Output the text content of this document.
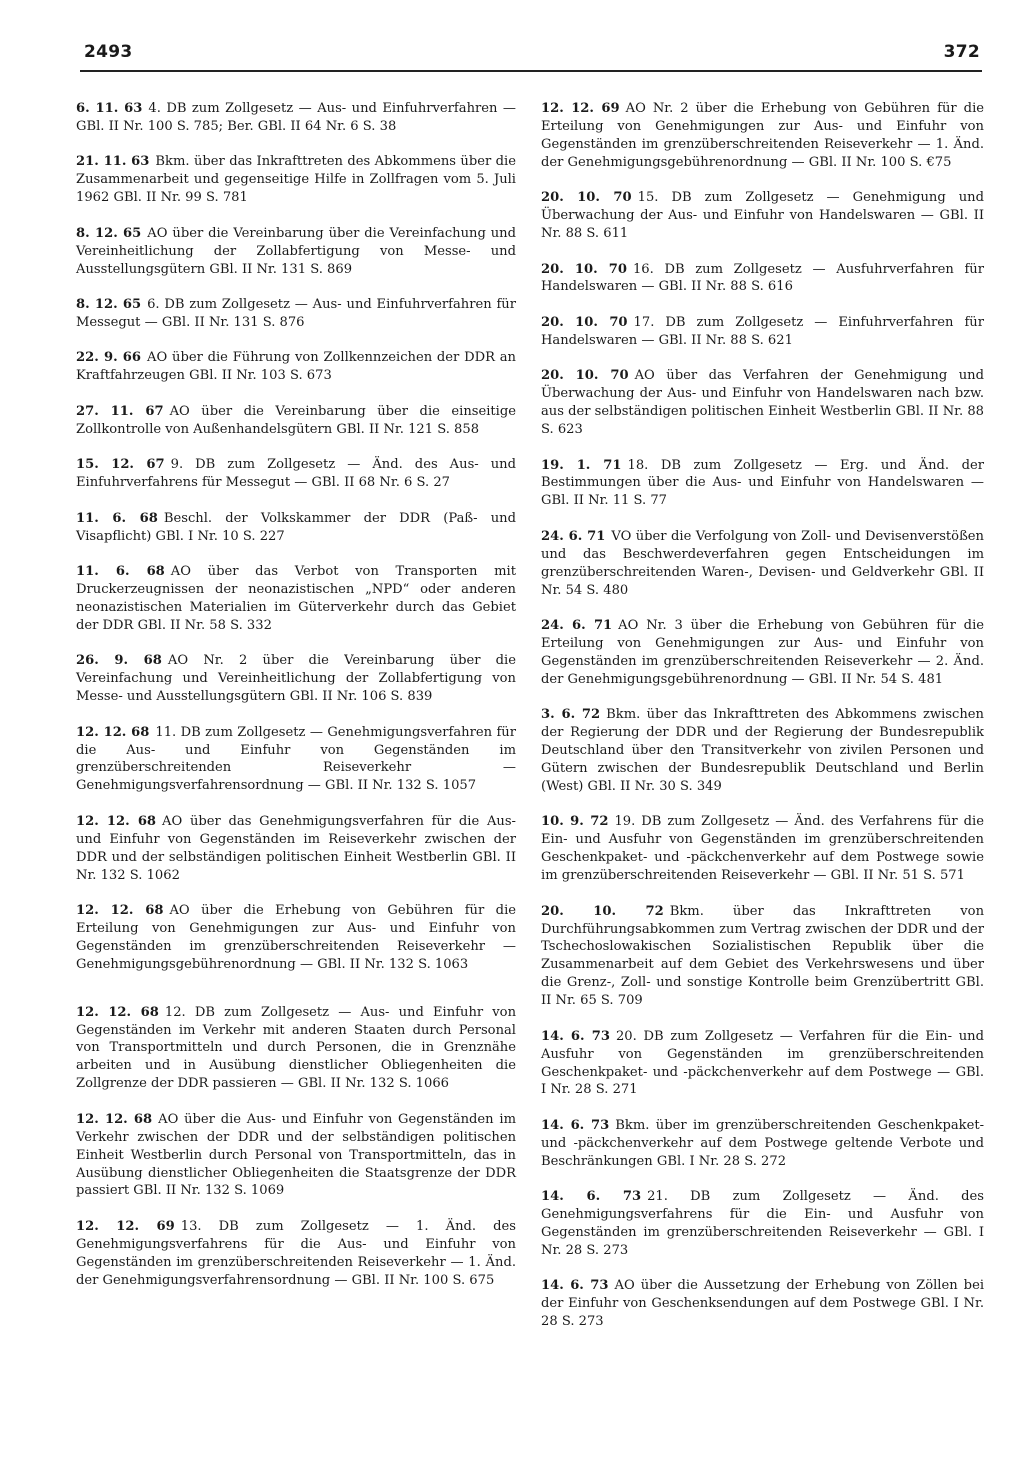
2493	372

6. 11. 63 4. DB zum Zollgesetz — Aus- und Einfuhrverfahren — GBl. II Nr. 100 S. 785; Ber. GBl. II 64 Nr. 6 S. 38

21. 11. 63 Bkm. über das Inkrafttreten des Abkommens über die Zusammenarbeit und gegenseitige Hilfe in Zollfragen vom 5. Juli 1962 GBl. II Nr. 99 S. 781

8. 12. 65 AO über die Vereinbarung über die Vereinfachung und Vereinheitlichung der Zollabfertigung von Messe- und Ausstellungsgütern GBl. II Nr. 131 S. 869

8. 12. 65 6. DB zum Zollgesetz — Aus- und Einfuhrverfahren für Messegut — GBl. II Nr. 131 S. 876

22. 9. 66 AO über die Führung von Zollkennzeichen der DDR an Kraftfahrzeugen GBl. II Nr. 103 S. 673

27. 11. 67 AO über die Vereinbarung über die einseitige Zollkontrolle von Außenhandelsgütern GBl. II Nr. 121 S. 858

15. 12. 67 9. DB zum Zollgesetz — Änd. des Aus- und Einfuhrverfahrens für Messegut — GBl. II 68 Nr. 6 S. 27

11. 6. 68 Beschl. der Volkskammer der DDR (Paß- und Visapflicht) GBl. I Nr. 10 S. 227

11. 6. 68 AO über das Verbot von Transporten mit Druckerzeugnissen der neonazistischen „NPD“ oder anderen neonazistischen Materialien im Güterverkehr durch das Gebiet der DDR GBl. II Nr. 58 S. 332

26. 9. 68 AO Nr. 2 über die Vereinbarung über die Vereinfachung und Vereinheitlichung der Zollabfertigung von Messe- und Ausstellungsgütern GBl. II Nr. 106 S. 839

12. 12. 68 11. DB zum Zollgesetz — Genehmigungsverfahren für die Aus- und Einfuhr von Gegenständen im grenzüberschreitenden Reiseverkehr — Genehmigungsverfahrensordnung — GBl. II Nr. 132 S. 1057

12. 12. 68 AO über das Genehmigungsverfahren für die Aus- und Einfuhr von Gegenständen im Reiseverkehr zwischen der DDR und der selbständigen politischen Einheit Westberlin GBl. II Nr. 132 S. 1062

12. 12. 68 AO über die Erhebung von Gebühren für die Erteilung von Genehmigungen zur Aus- und Einfuhr von Gegenständen im grenzüberschreitenden Reiseverkehr — Genehmigungsgebührenordnung — GBl. II Nr. 132 S. 1063

12. 12. 68 12. DB zum Zollgesetz — Aus- und Einfuhr von Gegenständen im Verkehr mit anderen Staaten durch Personal von Transportmitteln und durch Personen, die in Grenznähe arbeiten und in Ausübung dienstlicher Obliegenheiten die Zollgrenze der DDR passieren — GBl. II Nr. 132 S. 1066

12. 12. 68 AO über die Aus- und Einfuhr von Gegenständen im Verkehr zwischen der DDR und der selbständigen politischen Einheit Westberlin durch Personal von Transportmitteln, das in Ausübung dienstlicher Obliegenheiten die Staatsgrenze der DDR passiert GBl. II Nr. 132 S. 1069

12. 12. 69 13. DB zum Zollgesetz — 1. Änd. des Genehmigungsverfahrens für die Aus- und Einfuhr von Gegenständen im grenzüberschreitenden Reiseverkehr — 1. Änd. der Genehmigungsverfahrensordnung — GBl. II Nr. 100 S. 675

12. 12. 69 AO Nr. 2 über die Erhebung von Gebühren für die Erteilung von Genehmigungen zur Aus- und Einfuhr von Gegenständen im grenzüberschreitenden Reiseverkehr — 1. Änd. der Genehmigungsgebührenordnung — GBl. II Nr. 100 S. €75

20. 10. 70 15. DB zum Zollgesetz — Genehmigung und Überwachung der Aus- und Einfuhr von Handelswaren — GBl. II Nr. 88 S. 611

20. 10. 70 16. DB zum Zollgesetz — Ausfuhrverfahren für Handelswaren — GBl. II Nr. 88 S. 616

20. 10. 70 17. DB zum Zollgesetz — Einfuhrverfahren für Handelswaren — GBl. II Nr. 88 S. 621

20. 10. 70 AO über das Verfahren der Genehmigung und Überwachung der Aus- und Einfuhr von Handelswaren nach bzw. aus der selbständigen politischen Einheit Westberlin GBl. II Nr. 88 S. 623

19. 1. 71 18. DB zum Zollgesetz — Erg. und Änd. der Bestimmungen über die Aus- und Einfuhr von Handelswaren — GBl. II Nr. 11 S. 77

24. 6. 71 VO über die Verfolgung von Zoll- und Devisenverstößen und das Beschwerdeverfahren gegen Entscheidungen im grenzüberschreitenden Waren-, Devisen- und Geldverkehr GBl. II Nr. 54 S. 480

24. 6. 71 AO Nr. 3 über die Erhebung von Gebühren für die Erteilung von Genehmigungen zur Aus- und Einfuhr von Gegenständen im grenzüberschreitenden Reiseverkehr — 2. Änd. der Genehmigungsgebührenordnung — GBl. II Nr. 54 S. 481

3. 6. 72 Bkm. über das Inkrafttreten des Abkommens zwischen der Regierung der DDR und der Regierung der Bundesrepublik Deutschland über den Transitverkehr von zivilen Personen und Gütern zwischen der Bundesrepublik Deutschland und Berlin (West) GBl. II Nr. 30 S. 349

10. 9. 72 19. DB zum Zollgesetz — Änd. des Verfahrens für die Ein- und Ausfuhr von Gegenständen im grenzüberschreitenden Geschenkpaket- und -päckchenverkehr auf dem Postwege sowie im grenzüberschreitenden Reiseverkehr — GBl. II Nr. 51 S. 571

20. 10. 72 Bkm. über das Inkrafttreten von Durchführungsabkommen zum Vertrag zwischen der DDR und der Tschechoslowakischen Sozialistischen Republik über die Zusammenarbeit auf dem Gebiet des Verkehrswesens und über die Grenz-, Zoll- und sonstige Kontrolle beim Grenzübertritt GBl. II Nr. 65 S. 709

14. 6. 73 20. DB zum Zollgesetz — Verfahren für die Ein- und Ausfuhr von Gegenständen im grenzüberschreitenden Geschenkpaket- und -päckchenverkehr auf dem Postwege — GBl. I Nr. 28 S. 271

14. 6. 73 Bkm. über im grenzüberschreitenden Geschenkpaket- und -päckchenverkehr auf dem Postwege geltende Verbote und Beschränkungen GBl. I Nr. 28 S. 272

14. 6. 73 21. DB zum Zollgesetz — Änd. des Genehmigungsverfahrens für die Ein- und Ausfuhr von Gegenständen im grenzüberschreitenden Reiseverkehr — GBl. I Nr. 28 S. 273

14. 6. 73 AO über die Aussetzung der Erhebung von Zöllen bei der Einfuhr von Geschenksendungen auf dem Postwege GBl. I Nr. 28 S. 273
